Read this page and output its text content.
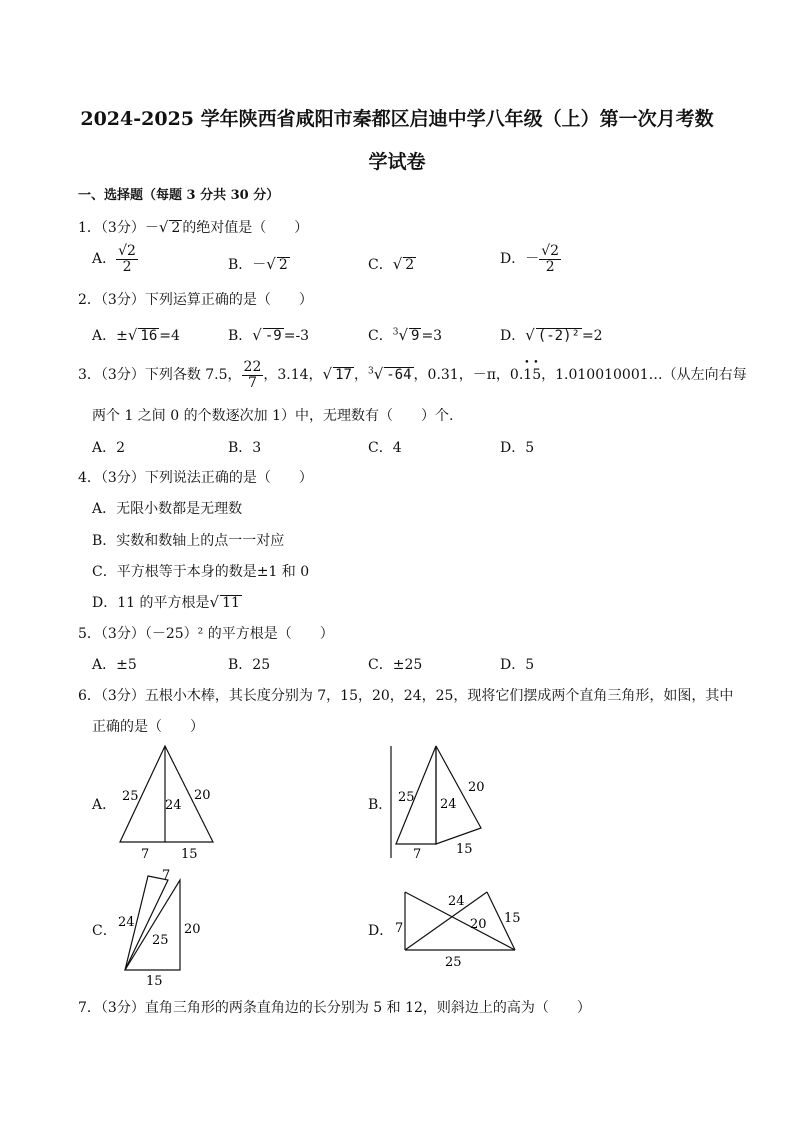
2024-2025 学年陕西省咸阳市秦都区启迪中学八年级（上）第一次月考数
学试卷
一、选择题（每题 3 分共 30 分）
1．（3分）－√ 2 的绝对值是（　　）
A． $\frac{√2}{2}$	B．－√ 2	C．√ 2	D．－ $\frac{√2}{2}$
2．（3分）下列运算正确的是（　　）
A．±√ 16 =4	B．√ -9 =-3	C．$^3$√ 9 =3	D．√ (-2)² =2
3．（3分）下列各数 7.5， $\frac{22}{7}$ ，3.14，√ 17 ，$^3$√ -64 ，0.31，－π，0.• 1• 5，1.010010001…（从左向右每
两个 1 之间 0 的个数逐次加 1）中，无理数有（　　）个.
A．2	B．3	C．4	D．5
4．（3分）下列说法正确的是（　　）
A．无限小数都是无理数
B．实数和数轴上的点一一对应
C．平方根等于本身的数是±1 和 0
D．11 的平方根是√ 11
5．（3分）（－25）² 的平方根是（　　）
A．±5	B．25	C．±25	D．5
6．（3分）五根小木棒，其长度分别为 7，15，20，24，25，现将它们摆成两个直角三角形，如图，其中
正确的是（　　）
A．	B．
C．	D．
25
24
20
7 15
25 24
20
7	15
7
24
25
20
15
7
24
20 15
25
7．（3分）直角三角形的两条直角边的长分别为 5 和 12，则斜边上的高为（　　）
